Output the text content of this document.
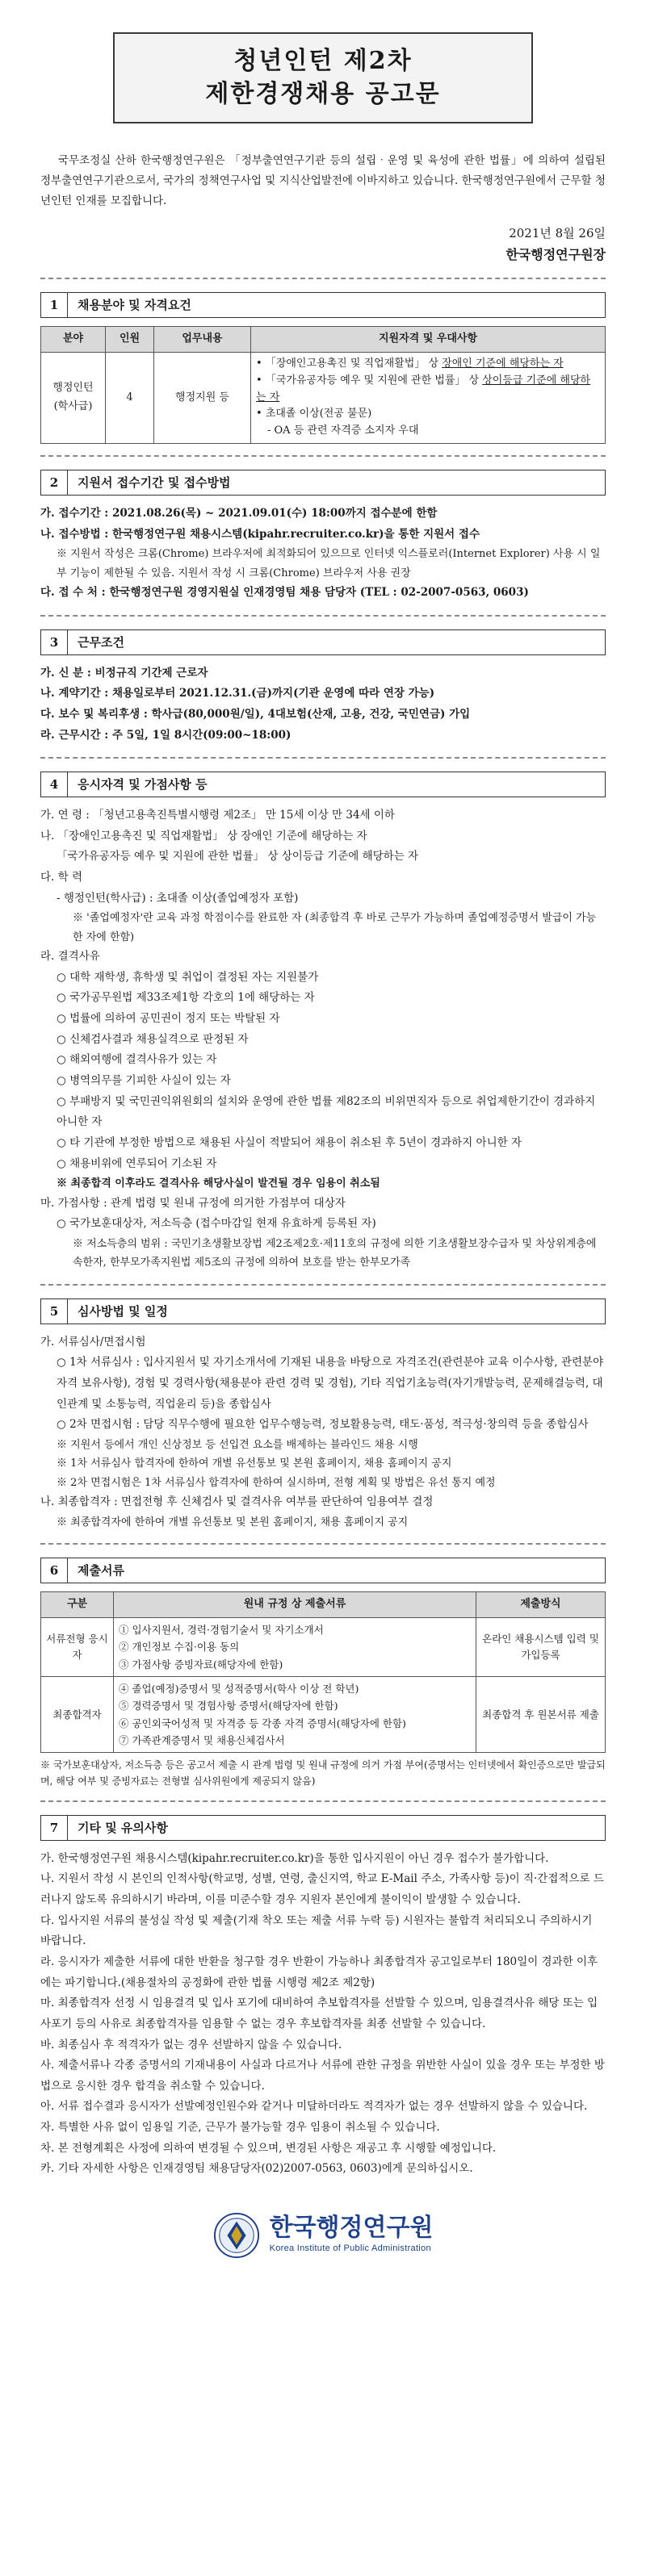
청년인턴 제2차
제한경쟁채용 공고문

국무조정실 산하 한국행정연구원은 「정부출연연구기관 등의 설립‧운영 및 육성에 관한 법률」에 의하여 설립된 정부출연연구기관으로서, 국가의 정책연구사업 및 지식산업발전에 이바지하고 있습니다. 한국행정연구원에서 근무할 청년인턴 인재를 모집합니다.

2021년 8월 26일
한국행정연구원장
1	채용분야 및 자격요건
분야	인원	업무내용	지원자격 및 우대사항
행정인턴 (학사급)	4	행정지원 등	• 「장애인고용촉진 및 직업재활법」 상 장애인 기준에 해당하는 자
• 「국가유공자등 예우 및 지원에 관한 법률」 상 상이등급 기준에 해당하는 자
• 초대졸 이상(전공 불문)
- OA 등 관련 자격증 소지자 우대
2	지원서 접수기간 및 접수방법
가. 접수기간 : 2021.08.26(목) ~ 2021.09.01(수) 18:00까지 접수분에 한함
나. 접수방법 : 한국행정연구원 채용시스템(kipahr.recruiter.co.kr)을 통한 지원서 접수
※ 지원서 작성은 크롬(Chrome) 브라우저에 최적화되어 있으므로 인터넷 익스플로러(Internet Explorer) 사용 시 일부 기능이 제한될 수 있음. 지원서 작성 시 크롬(Chrome) 브라우저 사용 권장
다. 접 수 처 : 한국행정연구원 경영지원실 인재경영팀 채용 담당자 (TEL : 02-2007-0563, 0603)
3	근무조건
가. 신 분 : 비정규직 기간제 근로자
나. 계약기간 : 채용일로부터 2021.12.31.(금)까지(기관 운영에 따라 연장 가능)
다. 보수 및 복리후생 : 학사급(80,000원/일), 4대보험(산재, 고용, 건강, 국민연금) 가입
라. 근무시간 : 주 5일, 1일 8시간(09:00~18:00)
4	응시자격 및 가점사항 등
가. 연 령 : 「청년고용촉진특별시행령 제2조」 만 15세 이상 만 34세 이하
나. 「장애인고용촉진 및 직업재활법」 상 장애인 기준에 해당하는 자
「국가유공자등 예우 및 지원에 관한 법률」 상 상이등급 기준에 해당하는 자
다. 학 력
- 행정인턴(학사급) : 초대졸 이상(졸업예정자 포함)
※ '졸업예정자'란 교육 과정 학점이수를 완료한 자 (최종합격 후 바로 근무가 가능하며 졸업예정증명서 발급이 가능한 자에 한함)
라. 결격사유
○ 대학 재학생, 휴학생 및 취업이 결정된 자는 지원불가
○ 국가공무원법 제33조제1항 각호의 1에 해당하는 자
○ 법률에 의하여 공민권이 정지 또는 박탈된 자
○ 신체검사결과 채용실격으로 판정된 자
○ 해외여행에 결격사유가 있는 자
○ 병역의무를 기피한 사실이 있는 자
○ 부패방지 및 국민권익위원회의 설치와 운영에 관한 법률 제82조의 비위면직자 등으로 취업제한기간이 경과하지 아니한 자
○ 타 기관에 부정한 방법으로 채용된 사실이 적발되어 채용이 취소된 후 5년이 경과하지 아니한 자
○ 채용비위에 연루되어 기소된 자
※ 최종합격 이후라도 결격사유 해당사실이 발견될 경우 임용이 취소됨
마. 가점사항 : 관계 법령 및 원내 규정에 의거한 가점부여 대상자
○ 국가보훈대상자, 저소득층 (접수마감일 현재 유효하게 등록된 자)
※ 저소득층의 범위 : 국민기초생활보장법 제2조제2호·제11호의 규정에 의한 기초생활보장수급자 및 차상위계층에 속한자, 한부모가족지원법 제5조의 규정에 의하여 보호를 받는 한부모가족
5	심사방법 및 일정
가. 서류심사/면접시험
○ 1차 서류심사 : 입사지원서 및 자기소개서에 기재된 내용을 바탕으로 자격조건(관련분야 교육 이수사항, 관련분야 자격 보유사항), 경험 및 경력사항(채용분야 관련 경력 및 경험), 기타 직업기초능력(자기개발능력, 문제해결능력, 대인관계 및 소통능력, 직업윤리 등)을 종합심사
○ 2차 면접시험 : 담당 직무수행에 필요한 업무수행능력, 정보활용능력, 태도·품성, 적극성·창의력 등을 종합심사
※ 지원서 등에서 개인 신상정보 등 선입견 요소를 배제하는 블라인드 채용 시행
※ 1차 서류심사 합격자에 한하여 개별 유선통보 및 본원 홈페이지, 채용 홈페이지 공지
※ 2차 면접시험은 1차 서류심사 합격자에 한하여 실시하며, 전형 계획 및 방법은 유선 통지 예정
나. 최종합격자 : 면접전형 후 신체검사 및 결격사유 여부를 판단하여 임용여부 결정
※ 최종합격자에 한하여 개별 유선통보 및 본원 홈페이지, 채용 홈페이지 공지
6	제출서류
구분	원내 규정 상 제출서류	제출방식
서류전형 응시자	① 입사지원서, 경력·경험기술서 및 자기소개서
② 개인정보 수집·이용 동의
③ 가점사항 증빙자료(해당자에 한함)	온라인 채용시스템 입력 및 가입등록
최종합격자	④ 졸업(예정)증명서 및 성적증명서(학사 이상 전 학년)
⑤ 경력증명서 및 경험사항 증명서(해당자에 한함)
⑥ 공인외국어성적 및 자격증 등 각종 자격 증명서(해당자에 한함)
⑦ 가족관계증명서 및 채용신체검사서	최종합격 후 원본서류 제출
※ 국가보훈대상자, 저소득층 등은 공고서 제출 시 관계 법령 및 원내 규정에 의거 가점 부여(증명서는 인터넷에서 확인증으로만 발급되며, 해당 여부 및 증빙자료는 전형별 심사위원에게 제공되지 않음)
7	기타 및 유의사항
가. 한국행정연구원 채용시스템(kipahr.recruiter.co.kr)을 통한 입사지원이 아닌 경우 접수가 불가합니다.
나. 지원서 작성 시 본인의 인적사항(학교명, 성별, 연령, 출신지역, 학교 E-Mail 주소, 가족사항 등)이 직·간접적으로 드러나지 않도록 유의하시기 바라며, 이를 미준수할 경우 지원자 본인에게 불이익이 발생할 수 있습니다.
다. 입사지원 서류의 불성실 작성 및 제출(기재 착오 또는 제출 서류 누락 등) 시원자는 불합격 처리되오니 주의하시기 바랍니다.
라. 응시자가 제출한 서류에 대한 반환을 청구할 경우 반환이 가능하나 최종합격자 공고일로부터 180일이 경과한 이후에는 파기합니다.(채용절차의 공정화에 관한 법률 시행령 제2조 제2항)
마. 최종합격자 선정 시 임용결격 및 입사 포기에 대비하여 추보합격자를 선발할 수 있으며, 임용결격사유 해당 또는 입사포기 등의 사유로 최종합격자를 임용할 수 없는 경우 후보합격자를 최종 선발할 수 있습니다.
바. 최종심사 후 적격자가 없는 경우 선발하지 않을 수 있습니다.
사. 제출서류나 각종 증명서의 기재내용이 사실과 다르거나 서류에 관한 규정을 위반한 사실이 있을 경우 또는 부정한 방법으로 응시한 경우 합격을 취소할 수 있습니다.
아. 서류 접수결과 응시자가 선발예정인원수와 같거나 미달하더라도 적격자가 없는 경우 선발하지 않을 수 있습니다.
자. 특별한 사유 없이 임용일 기준, 근무가 불가능할 경우 임용이 취소될 수 있습니다.
차. 본 전형계획은 사정에 의하여 변경될 수 있으며, 변경된 사항은 재공고 후 시행할 예정입니다.
카. 기타 자세한 사항은 인재경영팀 채용담당자(02)2007-0563, 0603)에게 문의하십시오.
한국행정연구원
Korea Institute of Public Administration
